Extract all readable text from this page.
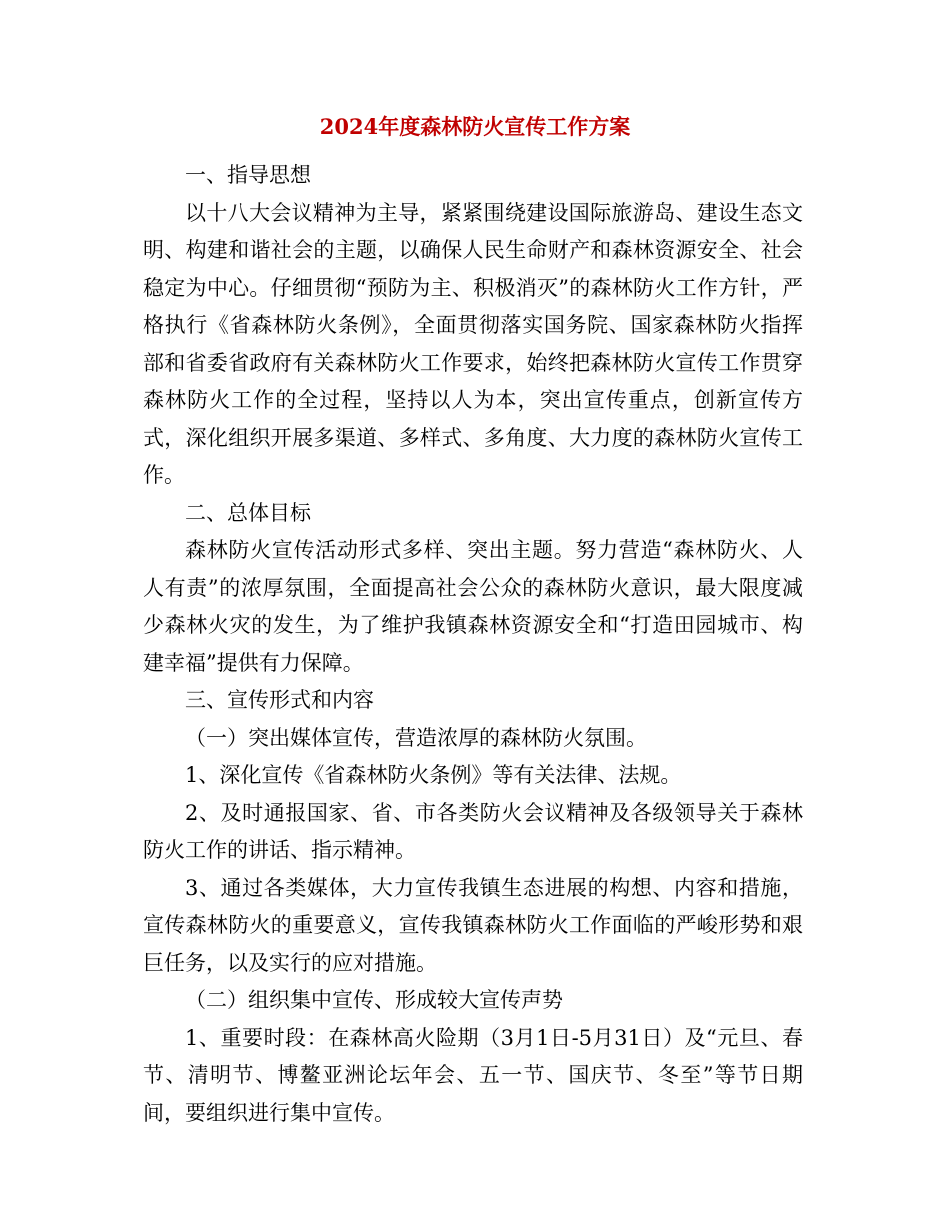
2024年度森林防火宣传工作方案

一、指导思想

以十八大会议精神为主导，紧紧围绕建设国际旅游岛、建设生态文明、构建和谐社会的主题，以确保人民生命财产和森林资源安全、社会稳定为中心。仔细贯彻“预防为主、积极消灭”的森林防火工作方针，严格执行《省森林防火条例》，全面贯彻落实国务院、国家森林防火指挥部和省委省政府有关森林防火工作要求，始终把森林防火宣传工作贯穿森林防火工作的全过程，坚持以人为本，突出宣传重点，创新宣传方式，深化组织开展多渠道、多样式、多角度、大力度的森林防火宣传工作。

二、总体目标

森林防火宣传活动形式多样、突出主题。努力营造“森林防火、人人有责”的浓厚氛围，全面提高社会公众的森林防火意识，最大限度减少森林火灾的发生，为了维护我镇森林资源安全和“打造田园城市、构建幸福”提供有力保障。

三、宣传形式和内容

（一）突出媒体宣传，营造浓厚的森林防火氛围。

1、深化宣传《省森林防火条例》等有关法律、法规。

2、及时通报国家、省、市各类防火会议精神及各级领导关于森林防火工作的讲话、指示精神。

3、通过各类媒体，大力宣传我镇生态进展的构想、内容和措施，宣传森林防火的重要意义，宣传我镇森林防火工作面临的严峻形势和艰巨任务，以及实行的应对措施。

（二）组织集中宣传、形成较大宣传声势

1、重要时段：在森林高火险期（3月1日-5月31日）及“元旦、春节、清明节、博鳌亚洲论坛年会、五一节、国庆节、冬至”等节日期间，要组织进行集中宣传。
